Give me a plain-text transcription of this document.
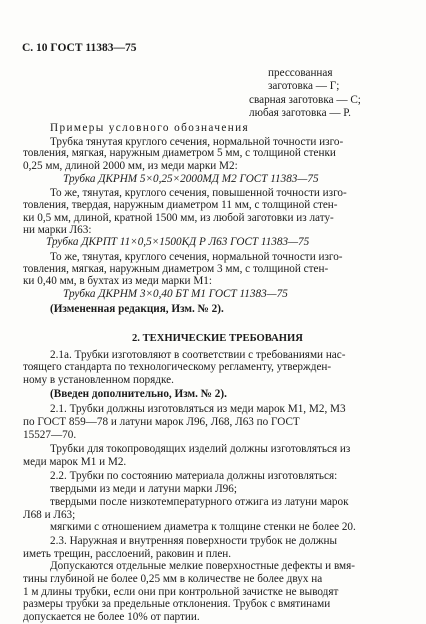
С. 10 ГОСТ 11383—75
прессованная
заготовка — Г;
сварная заготовка — С;
любая заготовка — Р.
Примеры условного обозначения
Трубка тянутая круглого сечения, нормальной точности изго-
товления, мягкая, наружным диаметром 5 мм, с толщиной стенки
0,25 мм, длиной 2000 мм, из меди марки М2:
Трубка ДКРНМ 5×0,25×2000МД М2 ГОСТ 11383—75
То же, тянутая, круглого сечения, повышенной точности изго-
товления, твердая, наружным диаметром 11 мм, с толщиной стен-
ки 0,5 мм, длиной, кратной 1500 мм, из любой заготовки из лату-
ни марки Л63:
Трубка ДКРПТ 11×0,5×1500КД Р Л63 ГОСТ 11383—75
То же, тянутая, круглого сечения, нормальной точности изго-
товления, мягкая, наружным диаметром 3 мм, с толщиной стен-
ки 0,40 мм, в бухтах из меди марки М1:
Трубка ДКРНМ 3×0,40 БТ М1 ГОСТ 11383—75
(Измененная редакция, Изм. № 2).
2. ТЕХНИЧЕСКИЕ ТРЕБОВАНИЯ
2.1а. Трубки изготовляют в соответствии с требованиями нас-
тоящего стандарта по технологическому регламенту, утвержден-
ному в установленном порядке.
(Введен дополнительно, Изм. № 2).
2.1. Трубки должны изготовляться из меди марок М1, М2, М3
по ГОСТ 859—78 и латуни марок Л96, Л68, Л63 по ГОСТ
15527—70.
Трубки для токопроводящих изделий должны изготовляться из
меди марок М1 и М2.
2.2. Трубки по состоянию материала должны изготовляться:
твердыми из меди и латуни марки Л96;
твердыми после низкотемпературного отжига из латуни марок
Л68 и Л63;
мягкими с отношением диаметра к толщине стенки не более 20.
2.3. Наружная и внутренняя поверхности трубок не должны
иметь трещин, расслоений, раковин и плен.
Допускаются отдельные мелкие поверхностные дефекты и вмя-
тины глубиной не более 0,25 мм в количестве не более двух на
1 м длины трубки, если они при контрольной зачистке не выводят
размеры трубки за предельные отклонения. Трубок с вмятинами
допускается не более 10% от партии.
